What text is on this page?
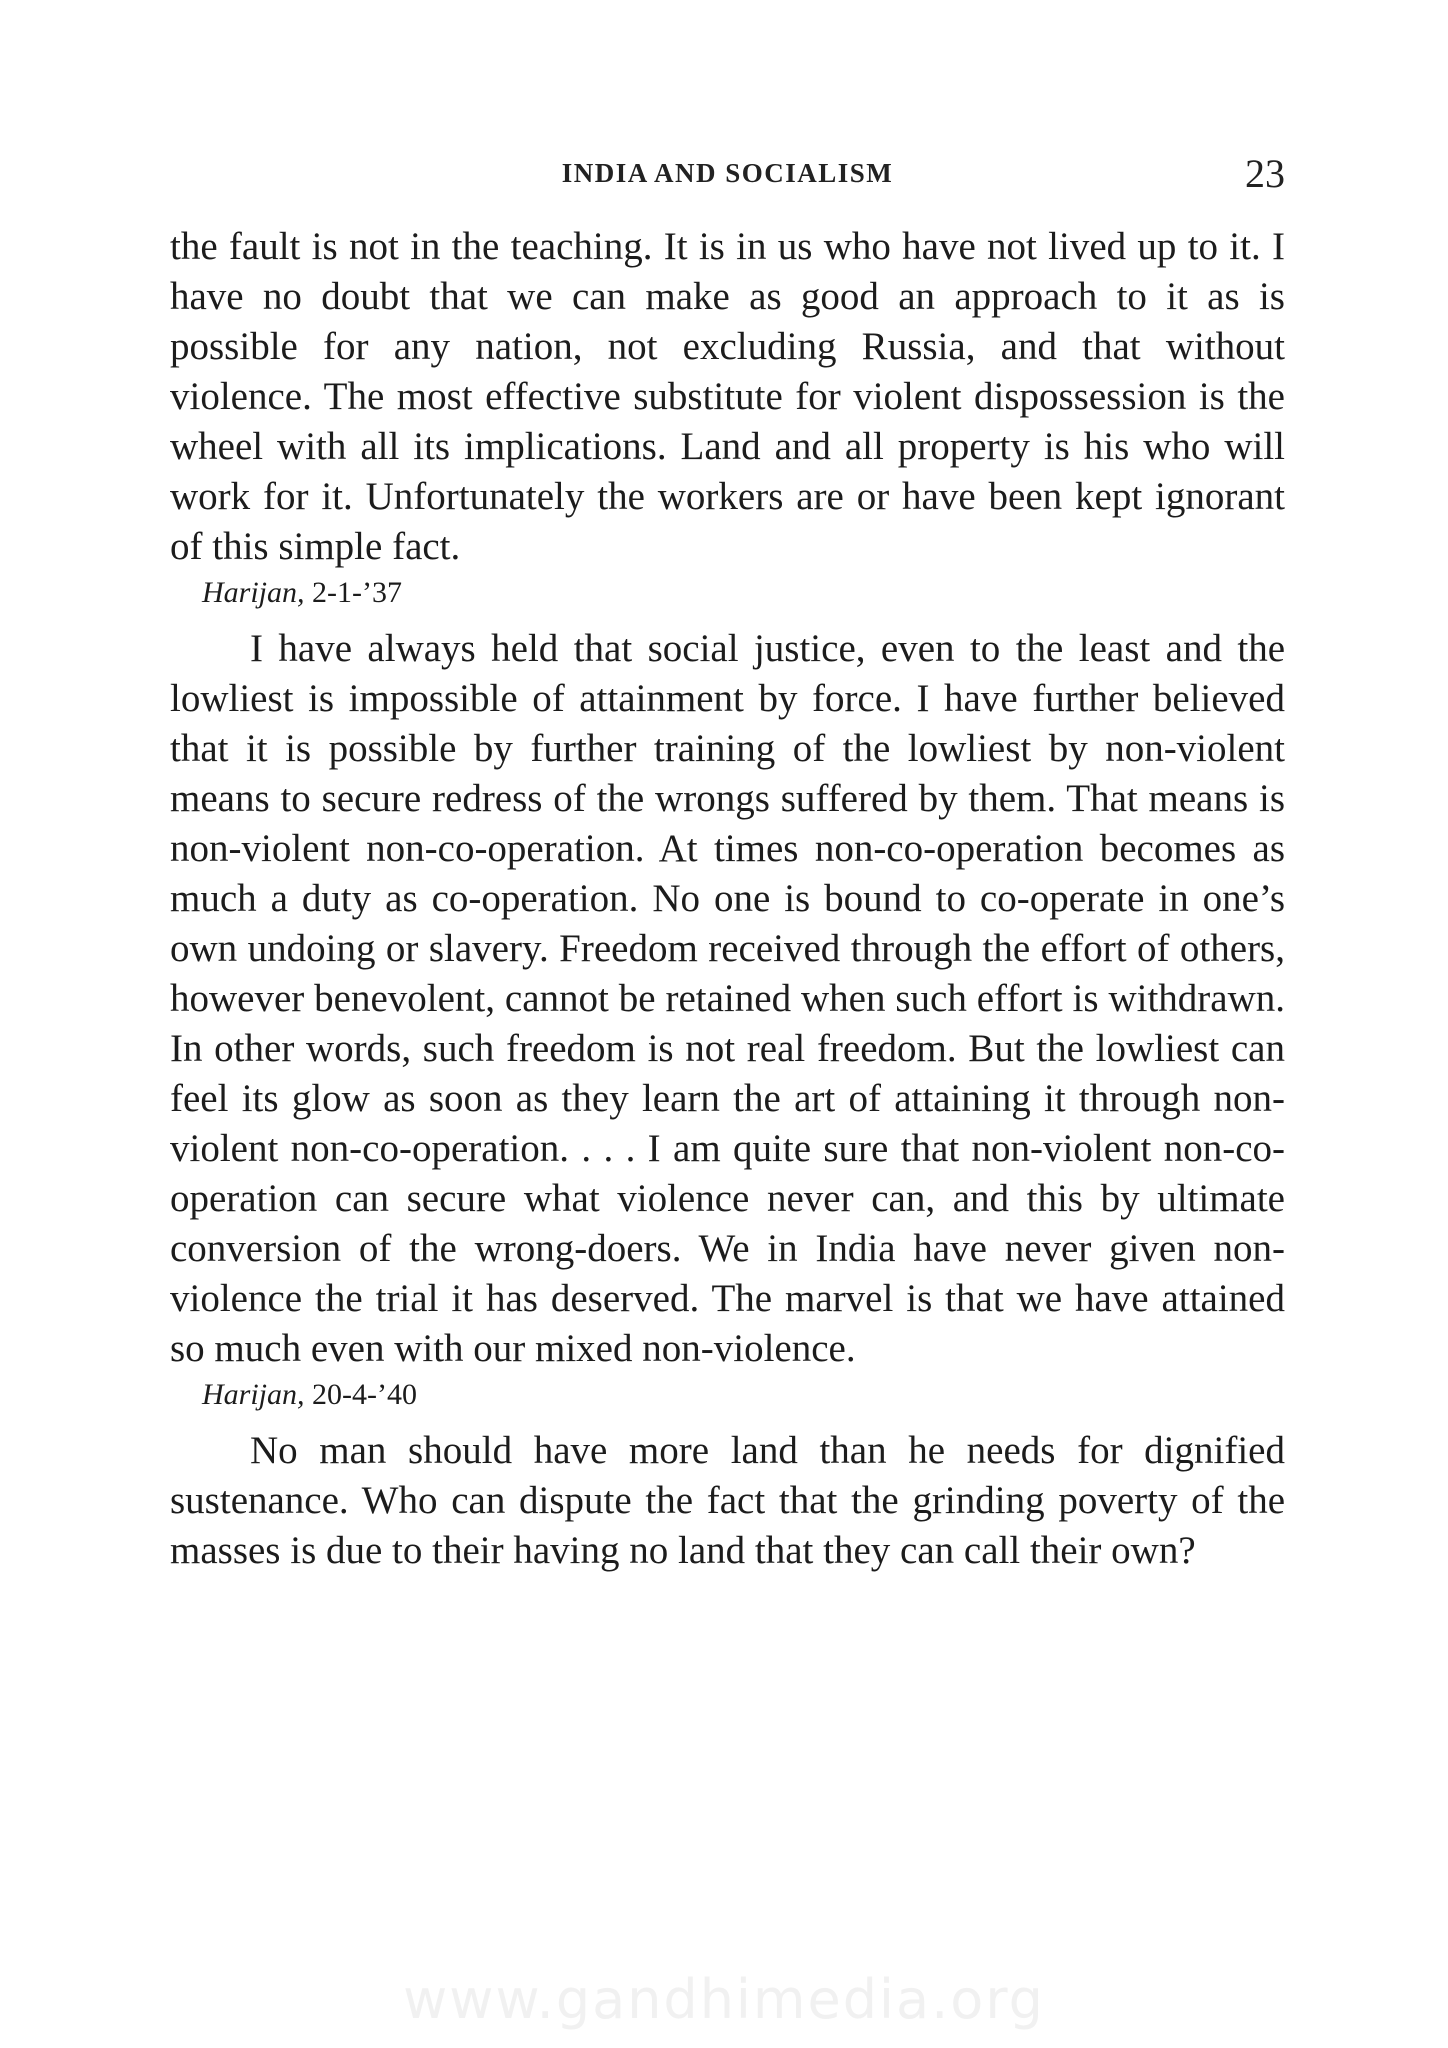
INDIA AND SOCIALISM	23

the fault is not in the teaching. It is in us who have not lived up to it. I have no doubt that we can make as good an approach to it as is possible for any nation, not excluding Russia, and that without violence. The most effective substitute for violent dispossession is the wheel with all its implications. Land and all property is his who will work for it. Unfortunately the workers are or have been kept ignorant of this simple fact.

Harijan, 2-1-’37

I have always held that social justice, even to the least and the lowliest is impossible of attainment by force. I have further believed that it is possible by further training of the lowliest by non-violent means to secure redress of the wrongs suffered by them. That means is non-violent non-co-operation. At times non-co-operation becomes as much a duty as co-operation. No one is bound to co-operate in one’s own undoing or slavery. Freedom received through the effort of others, however benevolent, cannot be retained when such effort is withdrawn. In other words, such freedom is not real freedom. But the lowliest can feel its glow as soon as they learn the art of attaining it through non-violent non-co-operation. . . . I am quite sure that non-violent non-co-operation can secure what violence never can, and this by ultimate conversion of the wrong-doers. We in India have never given non-violence the trial it has deserved. The marvel is that we have attained so much even with our mixed non-violence.

Harijan, 20-4-’40

No man should have more land than he needs for dignified sustenance. Who can dispute the fact that the grinding poverty of the masses is due to their having no land that they can call their own?

www.gandhimedia.org
